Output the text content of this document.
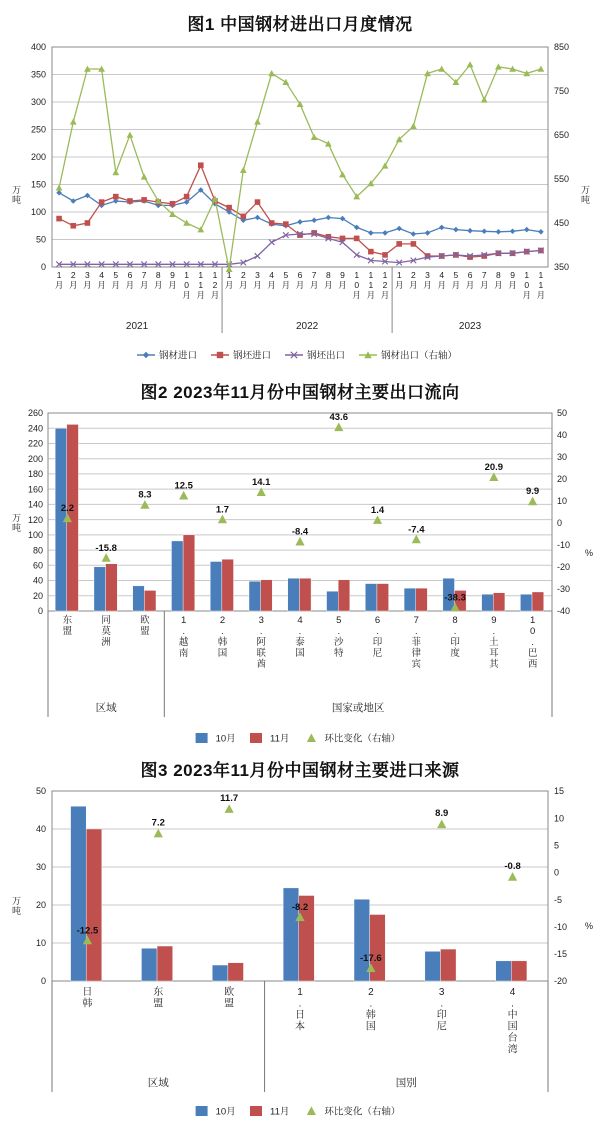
图1 中国钢材进出口月度情况
万吨	万吨
0
50
100
150
200
250
300
350
400
350
450
550
650
750
850
1
月
2
月
3
月
4
月
5
月
6
月
7
月
8
月
9
月
1
0
月
1
1
月
1
2
月
1
月
2
月
3
月
4
月
5
月
6
月
7
月
8
月
9
月
1
0
月
1
1
月
1
2
月
1
月
2
月
3
月
4
月
5
月
6
月
7
月
8
月
9
月
1
0
月
1
1
月
2021	2022	2023
钢材进口	钢坯进口	钢坯出口	钢材出口（右轴）
图2 2023年11月份中国钢材主要出口流向
万吨
%
0
20
40
60
80
100
120
140
160
180
200
220
240
260
-40
-30
-20
-10
0
10
20
30
40
50
2.2
-15.8
8.3
12.5
1.7
14.1
-8.4
43.6
1.4
-7.4
-38.3
20.9
9.9
东
盟
同
莫
洲
欧
盟
1
.
越
南
2
.
韩
国
3
.
阿
联
酋
4
.
泰
国
5
.
沙
特
6
.
印
尼
7
.
菲
律
宾
8
.
印
度
9
.
土
耳
其
1
0
.
巴
西
区域	国家或地区
10月	11月	环比变化（右轴）
图3 2023年11月份中国钢材主要进口来源
万吨
%
0
10
20
30
40
50
-20
-15
-10
-5
0
5
10
15
-12.5
7.2
11.7
-8.2
-17.6
8.9
-0.8
日
韩
东
盟
欧
盟
1
.
日
本
2
.
韩
国
3
.
印
尼
4
.
中
国
台
湾
区域	国别
10月	11月	环比变化（右轴）
